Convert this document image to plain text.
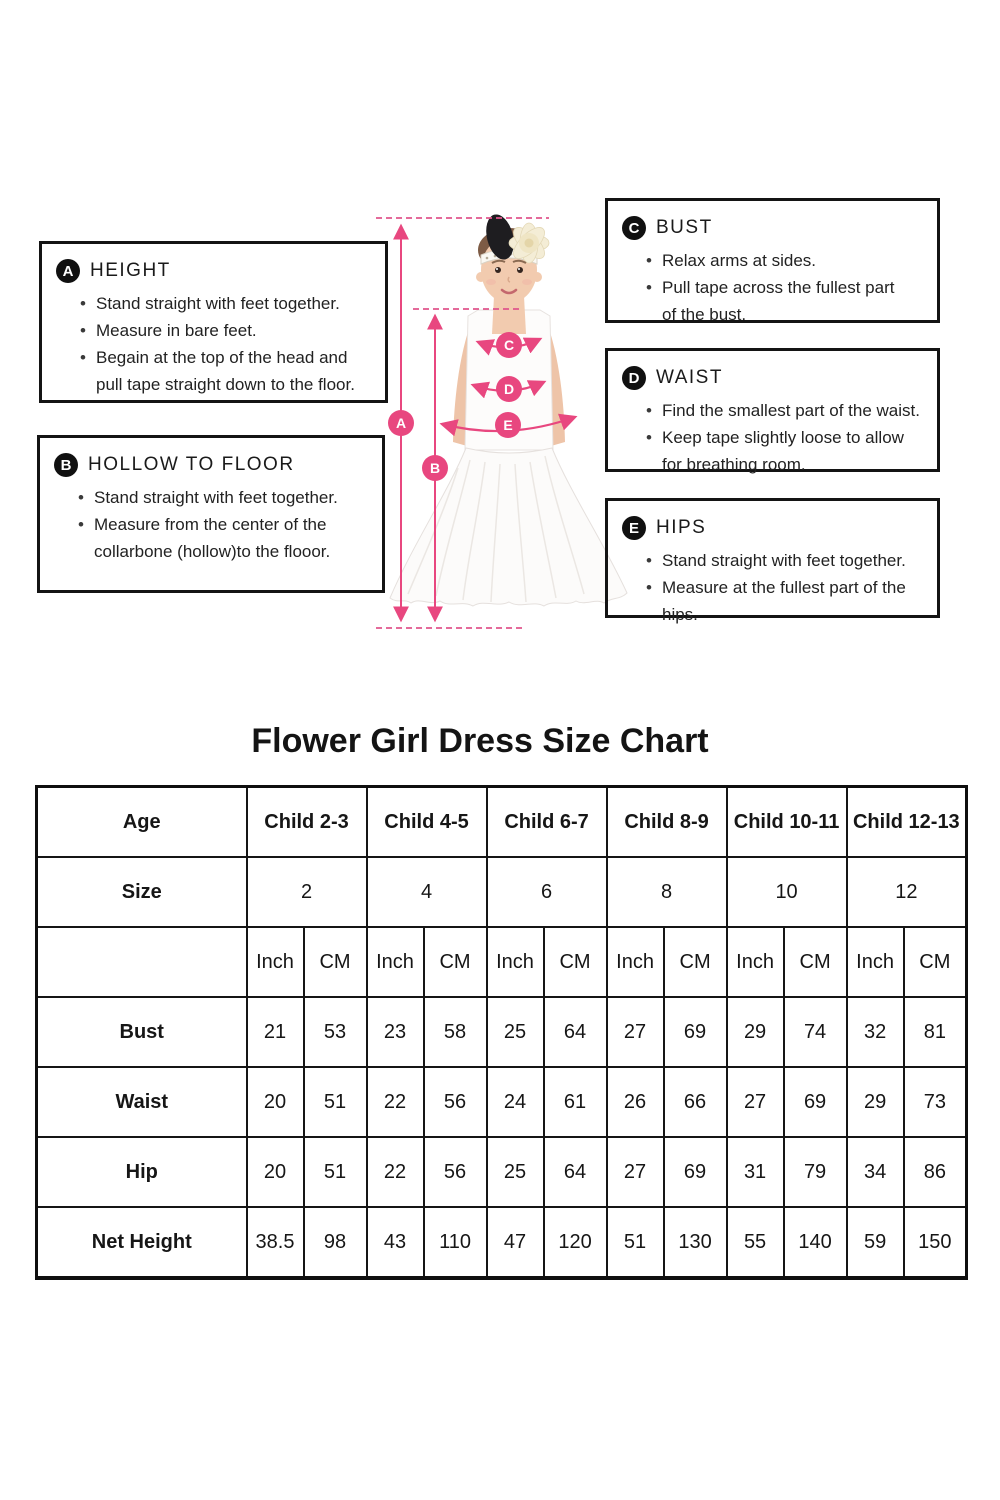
A
B
C
D
E
A HEIGHT
• Stand straight with feet together.
• Measure in bare feet.
• Begain at the top of the head and
pull tape straight down to the floor.
B HOLLOW TO FLOOR
• Stand straight with feet together.
• Measure from the center of the
collarbone (hollow)to the flooor.
C BUST
• Relax arms at sides.
• Pull tape across the fullest part
of the bust.
D WAIST
• Find the smallest part of the waist.
• Keep tape slightly loose to allow
for breathing room.
E HIPS
• Stand straight with feet together.
• Measure at the fullest part of the
hips.
Flower Girl Dress Size Chart
Age	Child 2-3		Child 4-5		Child 6-7		Child 8-9		Child 10-11		Child 12-13	
Size	2		4		6		8		10		12	
	Inch	CM	Inch	CM	Inch	CM	Inch	CM	Inch	CM	Inch	CM
Bust	21	53	23	58	25	64	27	69	29	74	32	81
Waist	20	51	22	56	24	61	26	66	27	69	29	73
Hip	20	51	22	56	25	64	27	69	31	79	34	86
Net Height	38.5	98	43	110	47	120	51	130	55	140	59	150
